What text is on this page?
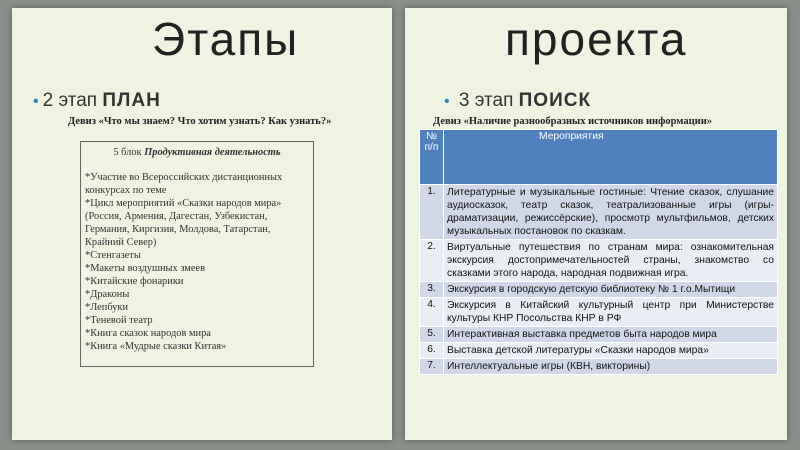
Этапы	проекта
• 2 этап ПЛАН	• 3 этап ПОИСК
Девиз «Что мы знаем? Что хотим узнать? Как узнать?»	Девиз «Наличие разнообразных источников информации»
5 блок Продуктивная деятельность
*Участие во Всероссийских дистанционных
конкурсах по теме
*Цикл мероприятий «Сказки народов мира»
(Россия, Армения, Дагестан, Узбекистан,
Германия, Киргизия, Молдова, Татарстан,
Крайний Север)
*Стенгазеты
*Макеты воздушных змеев
*Китайские фонарики
*Драконы
*Лепбуки
*Теневой театр
*Книга сказок народов мира
*Книга «Мудрые сказки Китая»
№ п/п	Мероприятия
1.	Литературные и музыкальные гостиные: Чтение сказок, слушание аудиосказок, театр сказок, театрализованные игры (игры-драматизации, режиссёрские), просмотр мультфильмов, детских музыкальных постановок по сказкам.
2.	Виртуальные путешествия по странам мира: ознакомительная экскурсия достопримечательностей страны, знакомство со сказками этого народа, народная подвижная игра.
3.	Экскурсия в городскую детскую библиотеку № 1 г.о.Мытищи
4.	Экскурсия в Китайский культурный центр при Министерстве культуры КНР Посольства КНР в РФ
5.	Интерактивная выставка предметов быта народов мира
6.	Выставка детской литературы «Сказки народов мира»
7.	Интеллектуальные игры (КВН, викторины)
